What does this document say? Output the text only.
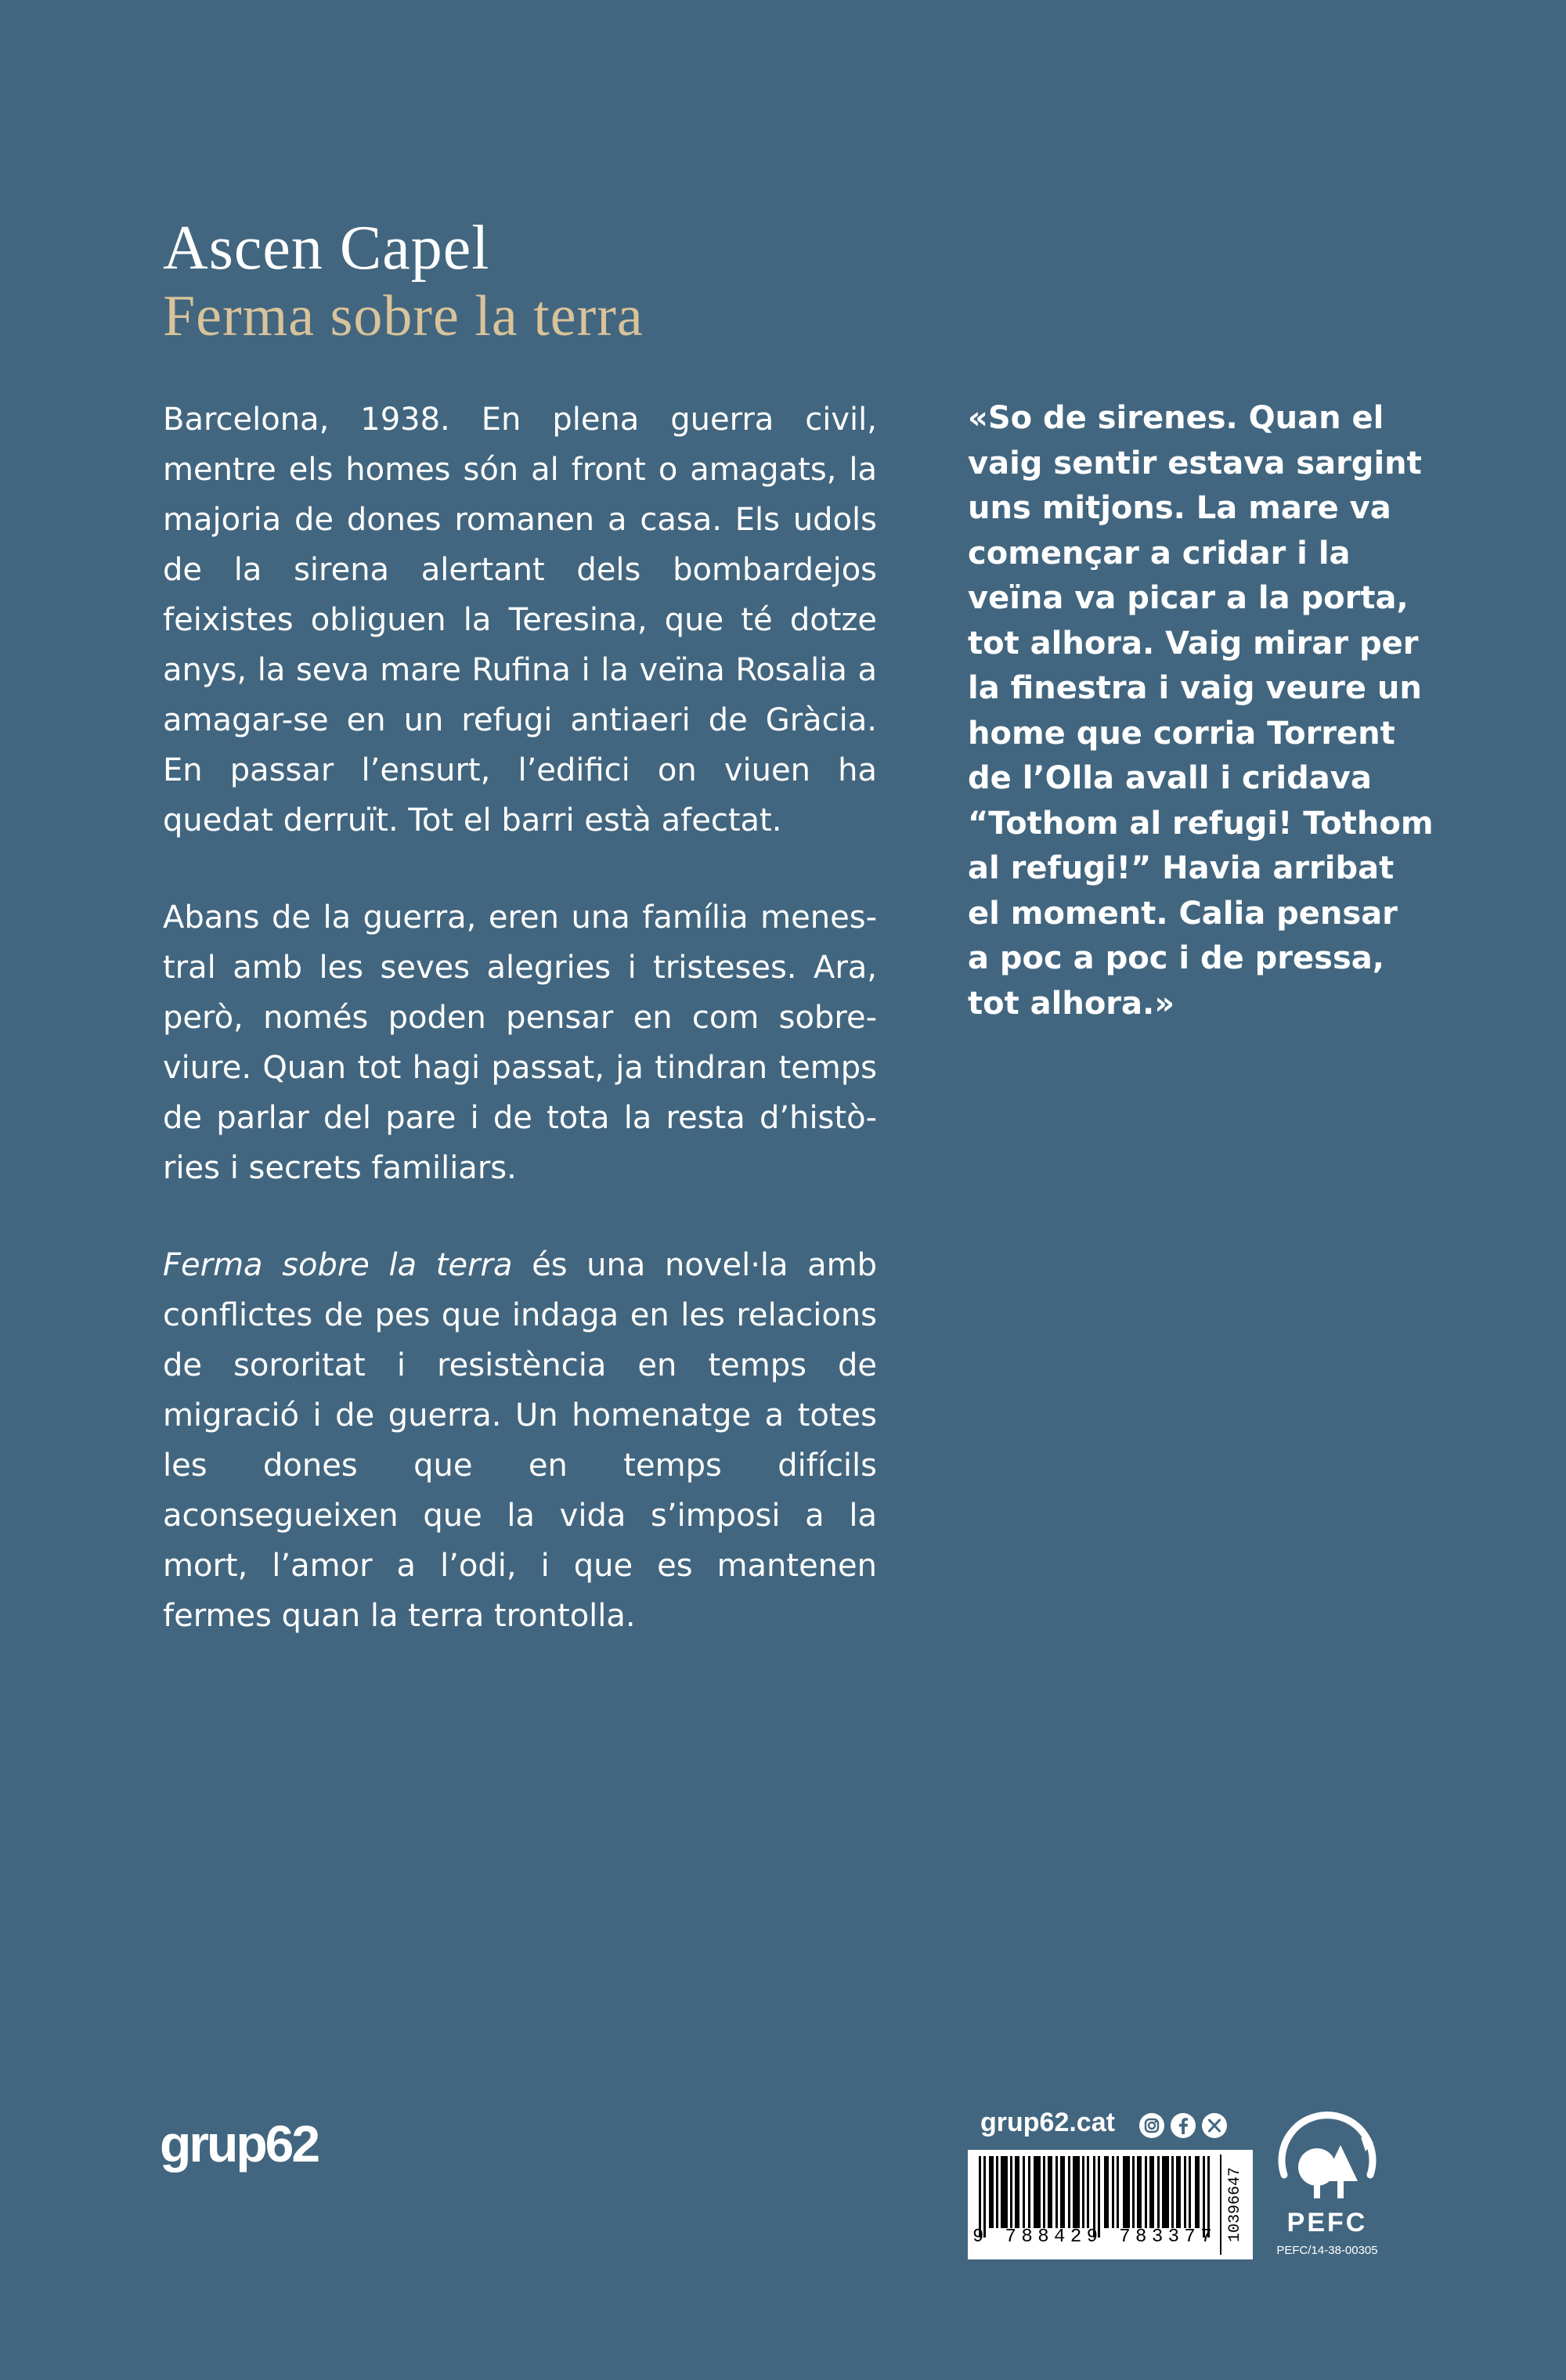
Ascen Capel
Ferma sobre la terra

Barcelona, 1938. En plena guerra civil, mentre els homes són al front o amagats, la majoria de dones romanen a casa. Els udols de la sirena alertant dels bombardejos feixistes obliguen la Teresina, que té dotze anys, la seva mare Rufina i la veïna Rosalia a amagar-se en un refugi antiaeri de Gràcia. En passar l’ensurt, l’edifici on viuen ha quedat derruït. Tot el barri està afectat.

Abans de la guerra, eren una família menestral amb les seves alegries i tristeses. Ara, però, només poden pensar en com sobreviure. Quan tot hagi passat, ja tindran temps de parlar del pare i de tota la resta d’històries i secrets familiars.

Ferma sobre la terra és una novel·la amb conflictes de pes que indaga en les relacions de sororitat i resistència en temps de migració i de guerra. Un homenatge a totes les dones que en temps difícils aconsegueixen que la vida s’imposi a la mort, l’amor a l’odi, i que es mantenen fermes quan la terra trontolla.

«So de sirenes. Quan el
vaig sentir estava sargint
uns mitjons. La mare va
començar a cridar i la
veïna va picar a la porta,
tot alhora. Vaig mirar per
la finestra i vaig veure un
home que corria Torrent
de l’Olla avall i cridava
“Tothom al refugi! Tothom
al refugi!” Havia arribat
el moment. Calia pensar
a poc a poc i de pressa,
tot alhora.»

grup62	grup62.cat
9 788429 783377 10396647	PEFC
PEFC/14-38-00305
